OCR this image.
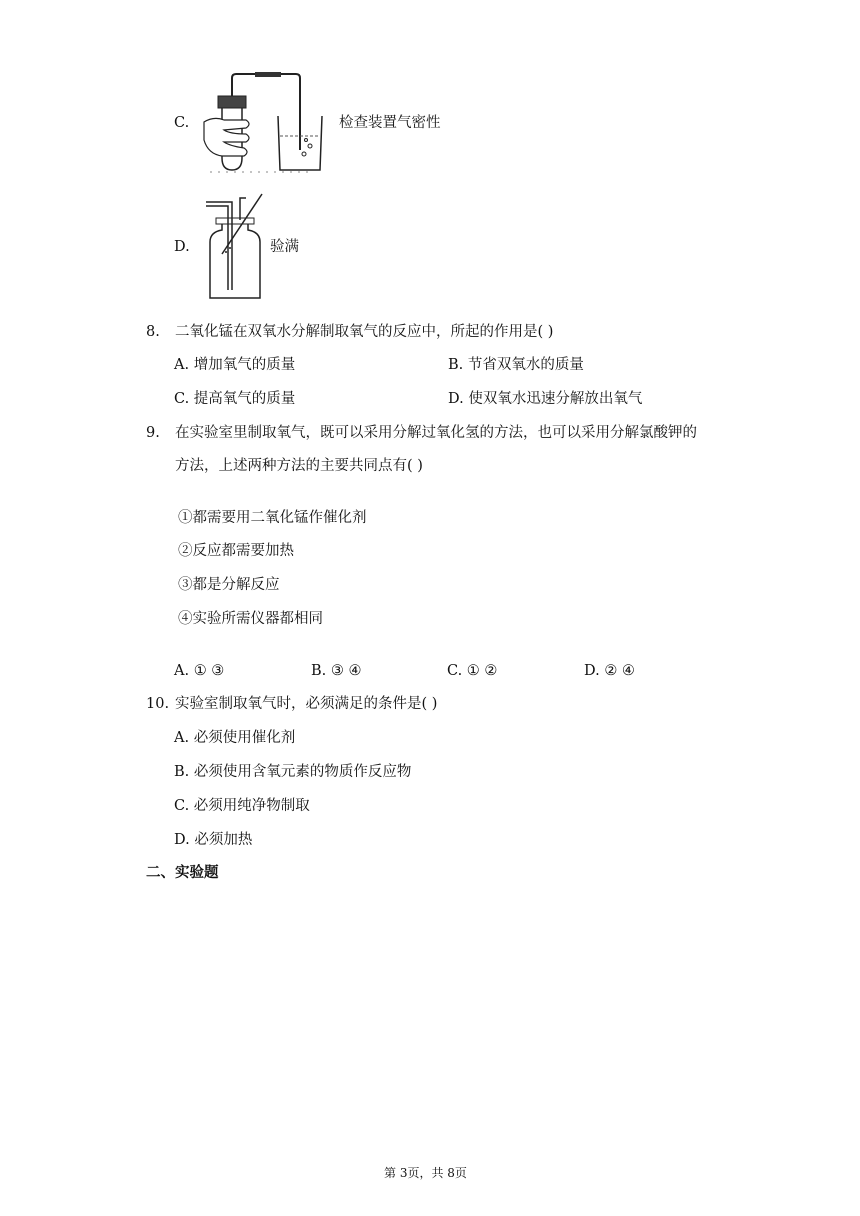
C.	检查装置气密性
D.	验满
8. 二氧化锰在双氧水分解制取氧气的反应中，所起的作用是( )
A. 增加氧气的质量	B. 节省双氧水的质量
C. 提高氧气的质量	D. 使双氧水迅速分解放出氧气
9. 在实验室里制取氧气，既可以采用分解过氧化氢的方法，也可以采用分解氯酸钾的
方法，上述两种方法的主要共同点有( )
①都需要用二氧化锰作催化剂
②反应都需要加热
③都是分解反应
④实验所需仪器都相同
A. ① ③	B. ③ ④	C. ① ②	D. ② ④
10. 实验室制取氧气时，必须满足的条件是( )
A. 必须使用催化剂
B. 必须使用含氧元素的物质作反应物
C. 必须用纯净物制取
D. 必须加热
二、实验题
第 3页，共 8页
